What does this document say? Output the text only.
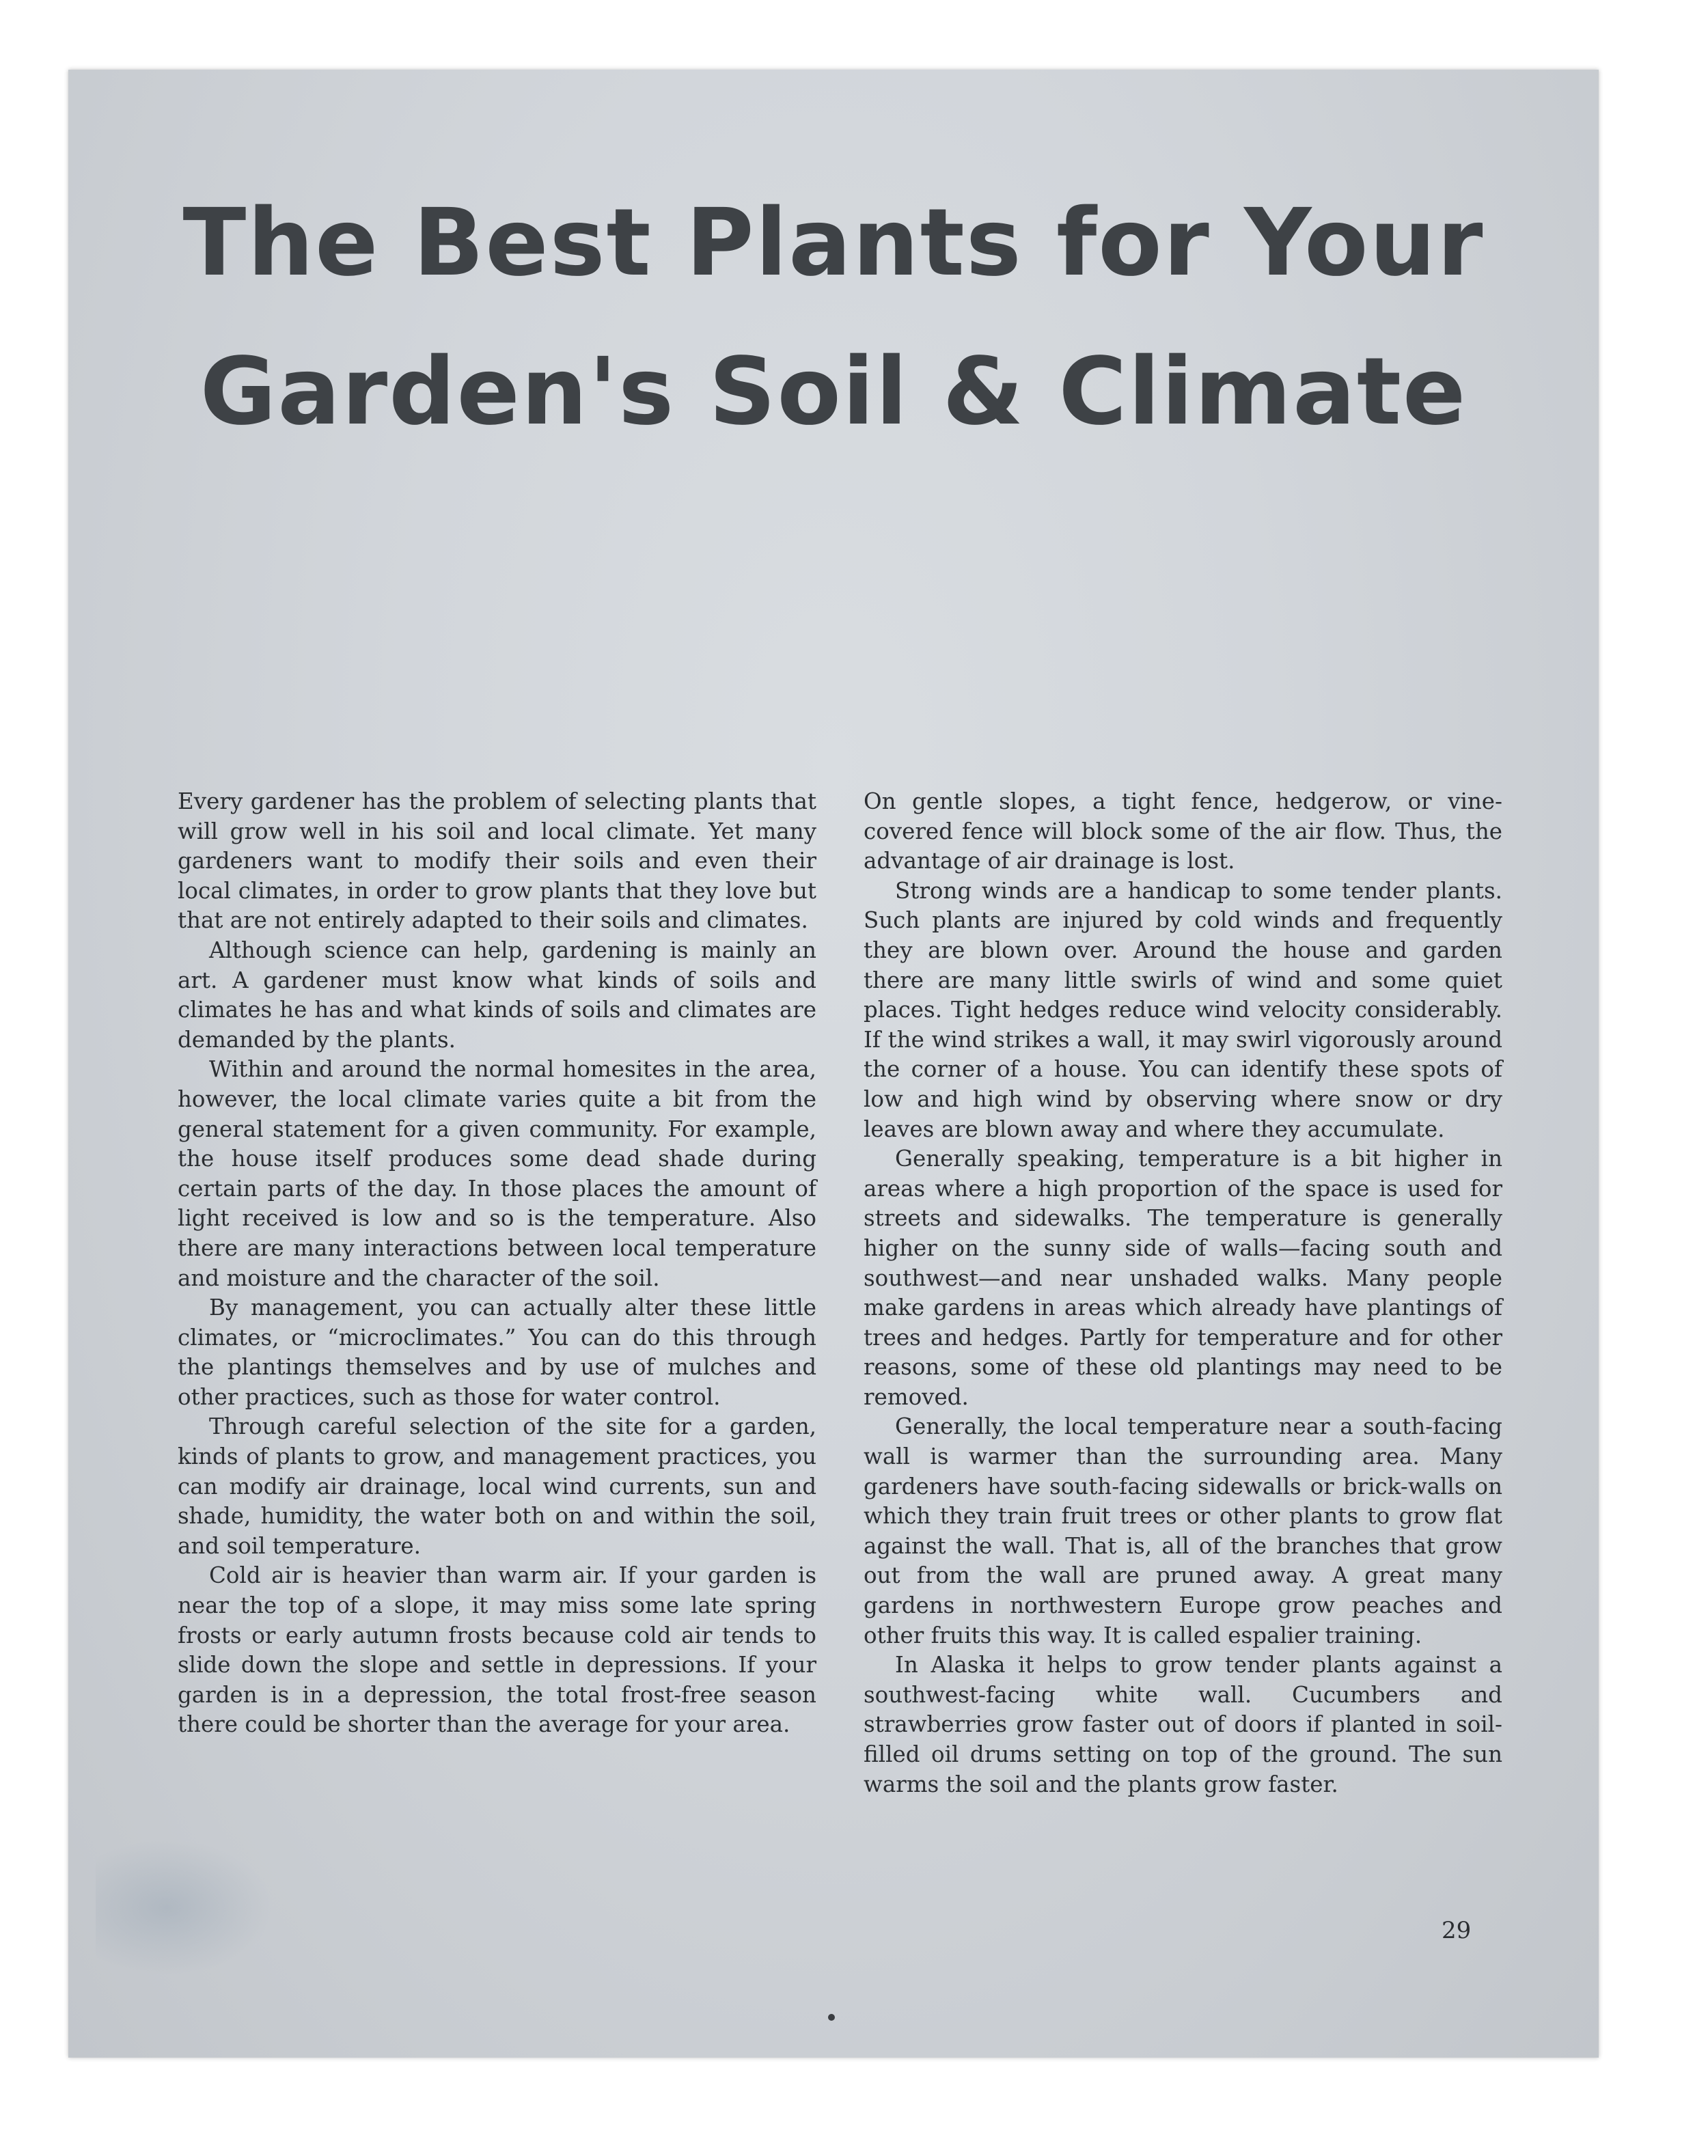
The Best Plants for Your
Garden's Soil & Climate

Every gardener has the problem of selecting plants that will grow well in his soil and local climate. Yet many gardeners want to modify their soils and even their local climates, in order to grow plants that they love but that are not entirely adapted to their soils and climates.

Although science can help, gardening is mainly an art. A gardener must know what kinds of soils and climates he has and what kinds of soils and climates are demanded by the plants.

Within and around the normal homesites in the area, however, the local climate varies quite a bit from the general statement for a given community. For example, the house itself produces some dead shade during certain parts of the day. In those places the amount of light received is low and so is the temperature. Also there are many interactions between local temperature and moisture and the character of the soil.

By management, you can actually alter these little climates, or “microclimates.” You can do this through the plantings themselves and by use of mulches and other practices, such as those for water control.

Through careful selection of the site for a garden, kinds of plants to grow, and management practices, you can modify air drainage, local wind currents, sun and shade, humidity, the water both on and within the soil, and soil temperature.

Cold air is heavier than warm air. If your garden is near the top of a slope, it may miss some late spring frosts or early autumn frosts because cold air tends to slide down the slope and settle in depressions. If your garden is in a depression, the total frost-free season there could be shorter than the average for your area.

On gentle slopes, a tight fence, hedgerow, or vine-covered fence will block some of the air flow. Thus, the advantage of air drainage is lost.

Strong winds are a handicap to some tender plants. Such plants are injured by cold winds and frequently they are blown over. Around the house and garden there are many little swirls of wind and some quiet places. Tight hedges reduce wind velocity considerably. If the wind strikes a wall, it may swirl vigorously around the corner of a house. You can identify these spots of low and high wind by observing where snow or dry leaves are blown away and where they accumulate.

Generally speaking, temperature is a bit higher in areas where a high proportion of the space is used for streets and sidewalks. The temperature is generally higher on the sunny side of walls—facing south and southwest—and near unshaded walks. Many people make gardens in areas which already have plantings of trees and hedges. Partly for temperature and for other reasons, some of these old plantings may need to be removed.

Generally, the local temperature near a south-facing wall is warmer than the surrounding area. Many gardeners have south-facing sidewalls or brick-walls on which they train fruit trees or other plants to grow flat against the wall. That is, all of the branches that grow out from the wall are pruned away. A great many gardens in northwestern Europe grow peaches and other fruits this way. It is called espalier training.

In Alaska it helps to grow tender plants against a southwest-facing white wall. Cucumbers and strawberries grow faster out of doors if planted in soil-filled oil drums setting on top of the ground. The sun warms the soil and the plants grow faster.

29
